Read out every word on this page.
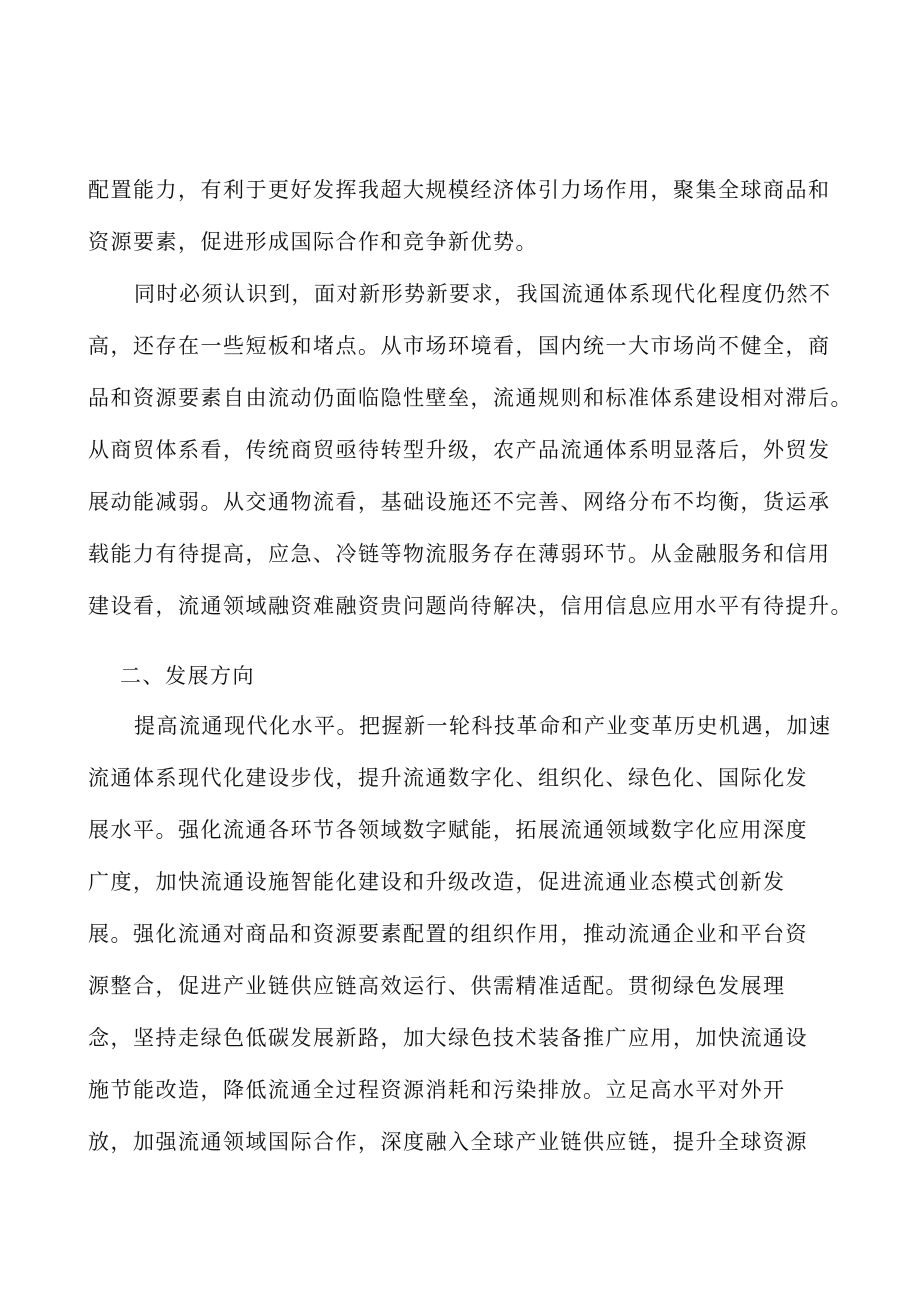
配置能力，有利于更好发挥我超大规模经济体引力场作用，聚集全球商品和
资源要素，促进形成国际合作和竞争新优势。
同时必须认识到，面对新形势新要求，我国流通体系现代化程度仍然不
高，还存在一些短板和堵点。从市场环境看，国内统一大市场尚不健全，商
品和资源要素自由流动仍面临隐性壁垒，流通规则和标准体系建设相对滞后。
从商贸体系看，传统商贸亟待转型升级，农产品流通体系明显落后，外贸发
展动能减弱。从交通物流看，基础设施还不完善、网络分布不均衡，货运承
载能力有待提高，应急、冷链等物流服务存在薄弱环节。从金融服务和信用
建设看，流通领域融资难融资贵问题尚待解决，信用信息应用水平有待提升。
二、发展方向
提高流通现代化水平。把握新一轮科技革命和产业变革历史机遇，加速
流通体系现代化建设步伐，提升流通数字化、组织化、绿色化、国际化发
展水平。强化流通各环节各领域数字赋能，拓展流通领域数字化应用深度
广度，加快流通设施智能化建设和升级改造，促进流通业态模式创新发
展。强化流通对商品和资源要素配置的组织作用，推动流通企业和平台资
源整合，促进产业链供应链高效运行、供需精准适配。贯彻绿色发展理
念，坚持走绿色低碳发展新路，加大绿色技术装备推广应用，加快流通设
施节能改造，降低流通全过程资源消耗和污染排放。立足高水平对外开
放，加强流通领域国际合作，深度融入全球产业链供应链，提升全球资源
